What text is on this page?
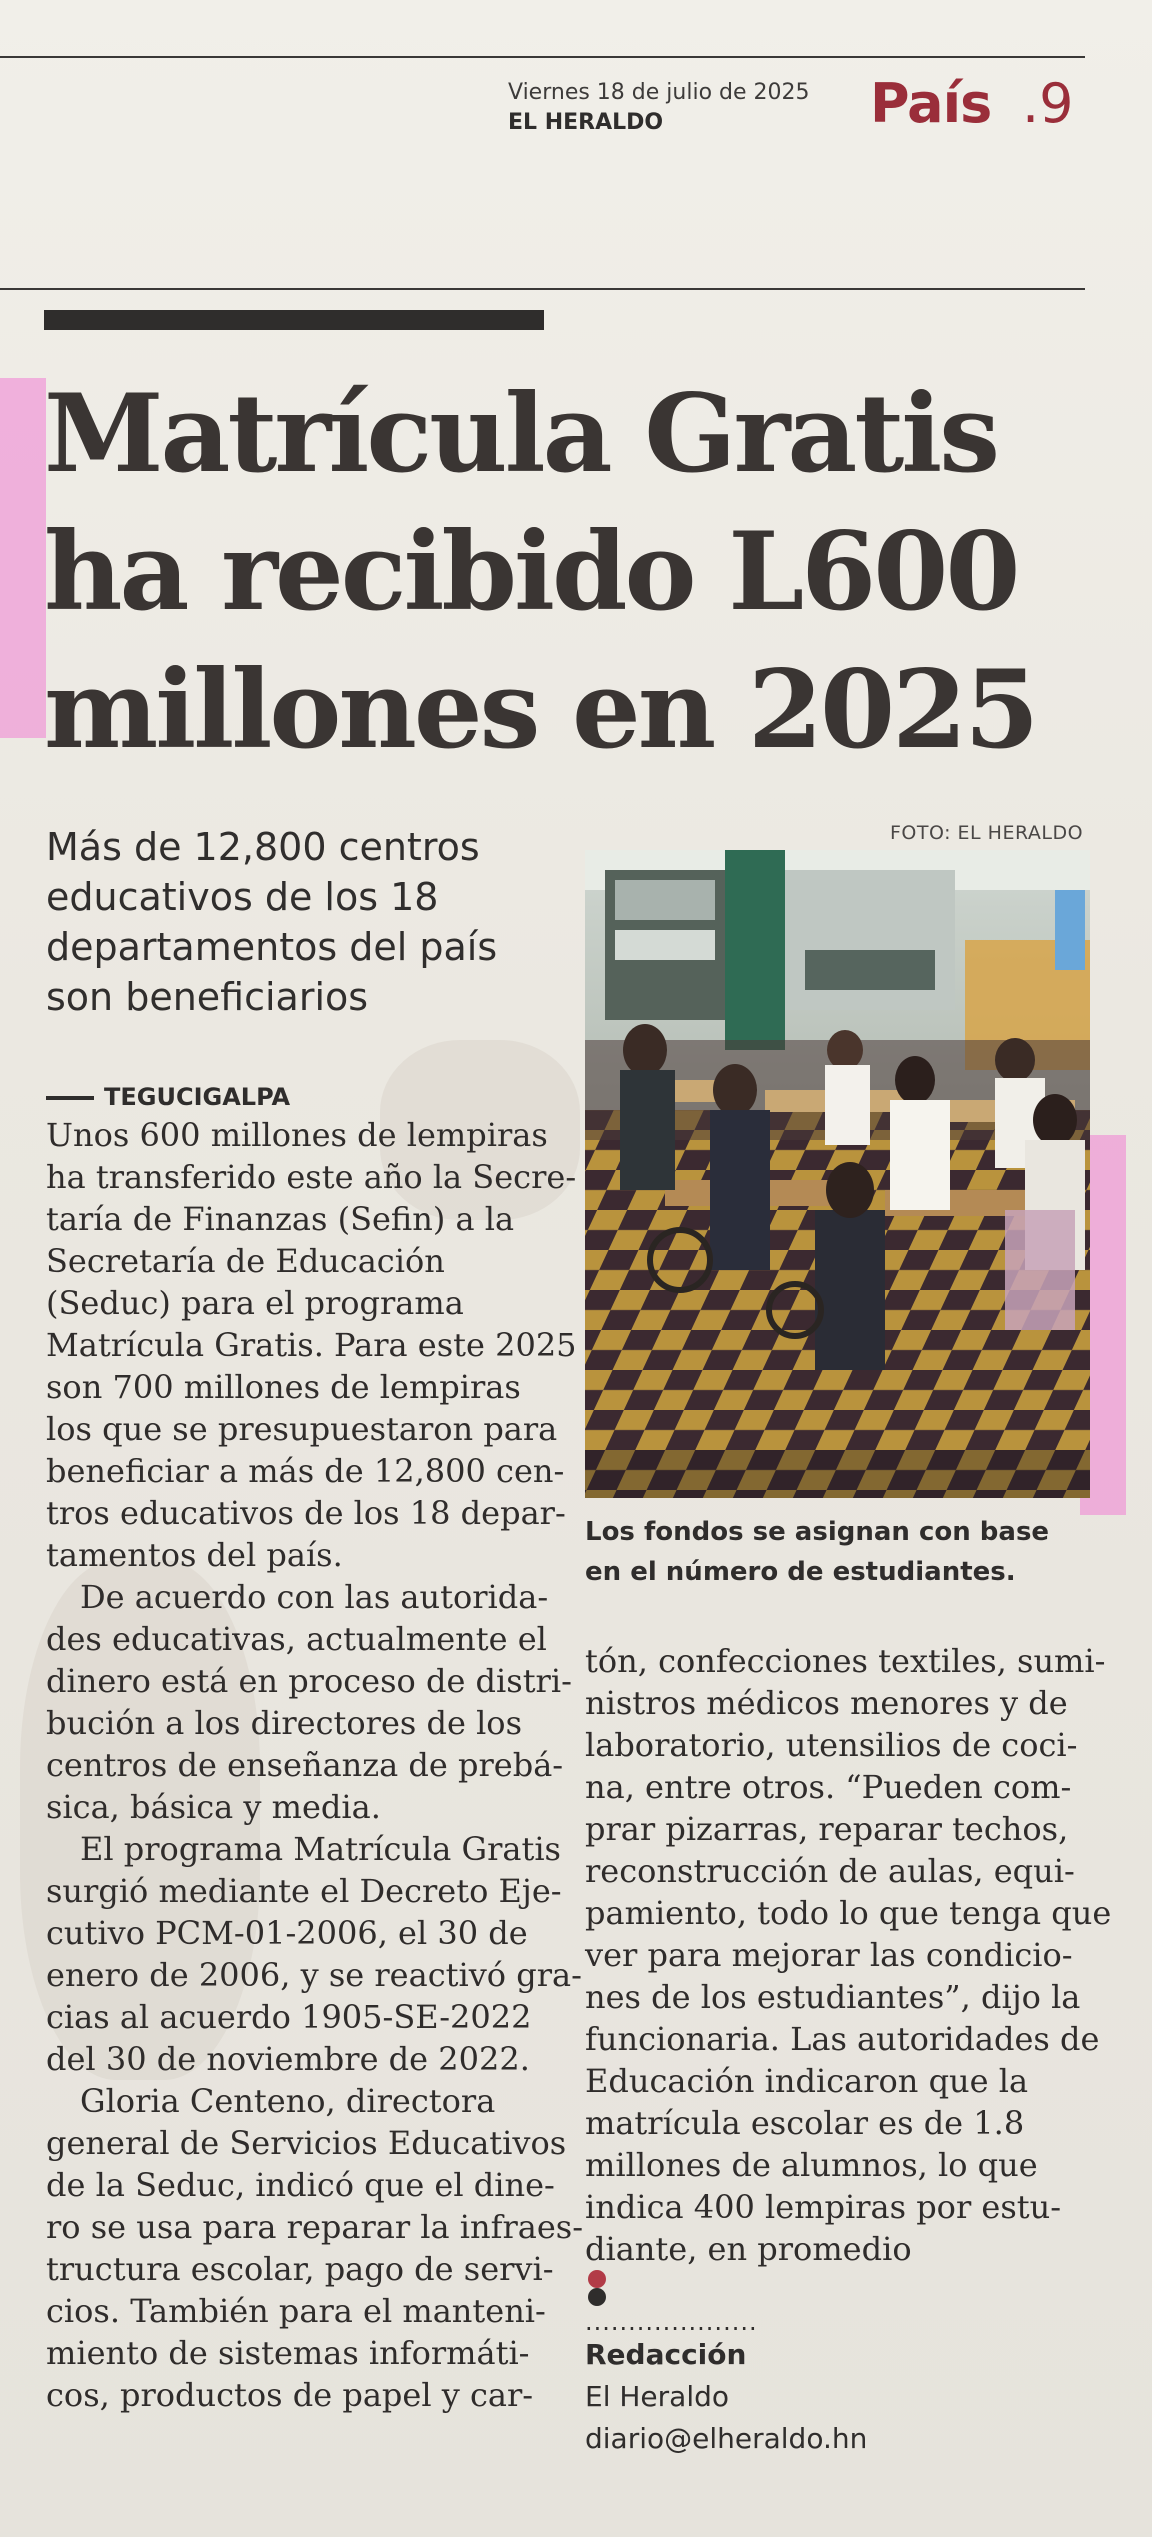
Viernes 18 de julio de 2025
EL HERALDO	País .9
Matrícula Gratis
ha recibido L600
millones en 2025

Más de 12,800 centros
educativos de los 18
departamentos del país
son beneficiarios

FOTO: EL HERALDO

Los fondos se asignan con base
en el número de estudiantes.

TEGUCIGALPA

Unos 600 millones de lempiras
ha transferido este año la Secre-
taría de Finanzas (Sefin) a la
Secretaría de Educación
(Seduc) para el programa
Matrícula Gratis. Para este 2025
son 700 millones de lempiras
los que se presupuestaron para
beneficiar a más de 12,800 cen-
tros educativos de los 18 depar-
tamentos del país.
De acuerdo con las autorida-
des educativas, actualmente el
dinero está en proceso de distri-
bución a los directores de los
centros de enseñanza de prebá-
sica, básica y media.
El programa Matrícula Gratis
surgió mediante el Decreto Eje-
cutivo PCM-01-2006, el 30 de
enero de 2006, y se reactivó gra-
cias al acuerdo 1905-SE-2022
del 30 de noviembre de 2022.
Gloria Centeno, directora
general de Servicios Educativos
de la Seduc, indicó que el dine-
ro se usa para reparar la infraes-
tructura escolar, pago de servi-
cios. También para el manteni-
miento de sistemas informáti-
cos, productos de papel y car-

tón, confecciones textiles, sumi-
nistros médicos menores y de
laboratorio, utensilios de coci-
na, entre otros. “Pueden com-
prar pizarras, reparar techos,
reconstrucción de aulas, equi-
pamiento, todo lo que tenga que
ver para mejorar las condicio-
nes de los estudiantes”, dijo la
funcionaria. Las autoridades de
Educación indicaron que la
matrícula escolar es de 1.8
millones de alumnos, lo que
indica 400 lempiras por estu-
diante, en promedio

....................
Redacción
El Heraldo
diario@elheraldo.hn
